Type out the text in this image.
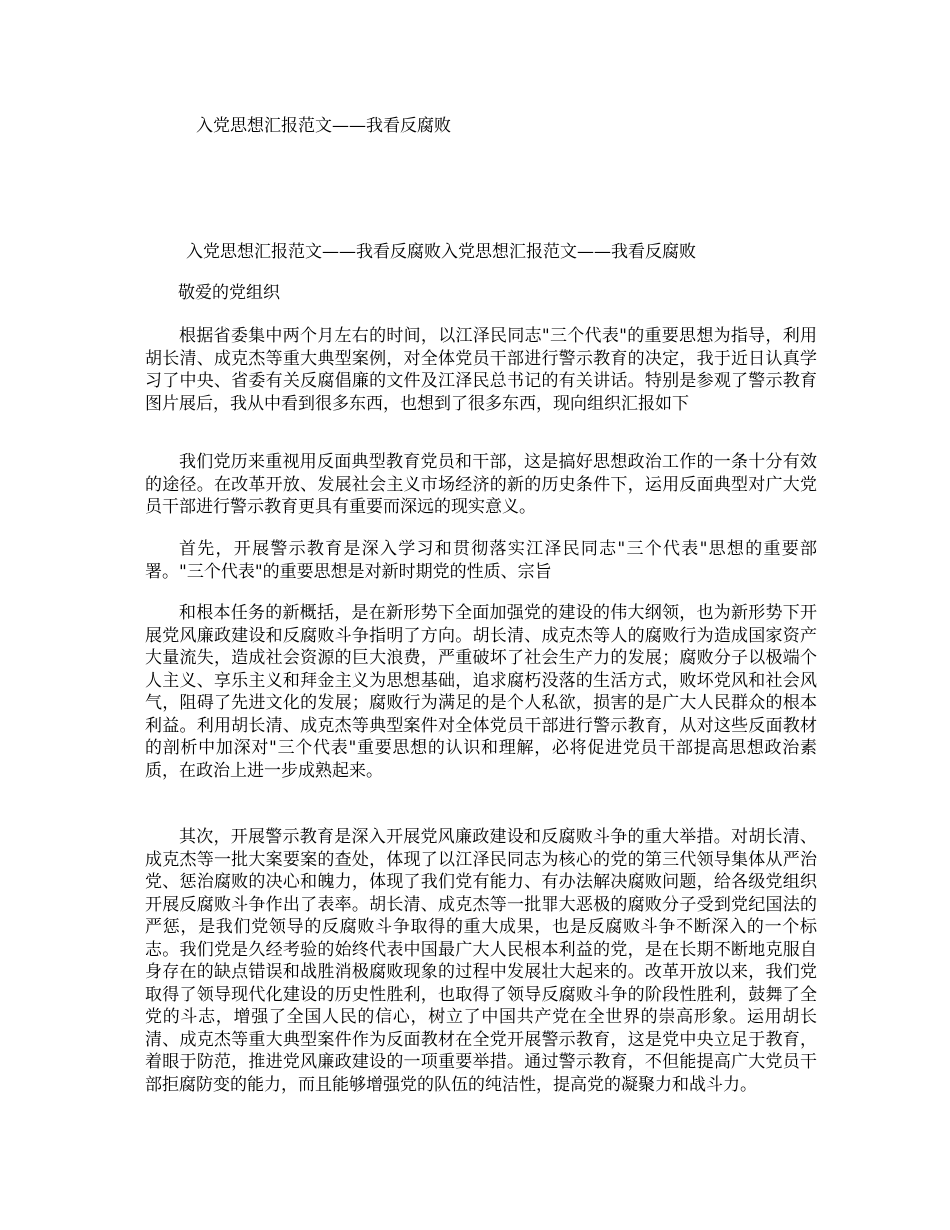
入党思想汇报范文——我看反腐败
入党思想汇报范文——我看反腐败入党思想汇报范文——我看反腐败
敬爱的党组织

根据省委集中两个月左右的时间，以江泽民同志"三个代表"的重要思想为指导，利用胡长清、成克杰等重大典型案例，对全体党员干部进行警示教育的决定，我于近日认真学习了中央、省委有关反腐倡廉的文件及江泽民总书记的有关讲话。特别是参观了警示教育图片展后，我从中看到很多东西，也想到了很多东西，现向组织汇报如下

我们党历来重视用反面典型教育党员和干部，这是搞好思想政治工作的一条十分有效的途径。在改革开放、发展社会主义市场经济的新的历史条件下，运用反面典型对广大党员干部进行警示教育更具有重要而深远的现实意义。

首先，开展警示教育是深入学习和贯彻落实江泽民同志"三个代表"思想的重要部署。"三个代表"的重要思想是对新时期党的性质、宗旨

和根本任务的新概括，是在新形势下全面加强党的建设的伟大纲领，也为新形势下开展党风廉政建设和反腐败斗争指明了方向。胡长清、成克杰等人的腐败行为造成国家资产大量流失，造成社会资源的巨大浪费，严重破坏了社会生产力的发展；腐败分子以极端个人主义、享乐主义和拜金主义为思想基础，追求腐朽没落的生活方式，败坏党风和社会风气，阻碍了先进文化的发展；腐败行为满足的是个人私欲，损害的是广大人民群众的根本利益。利用胡长清、成克杰等典型案件对全体党员干部进行警示教育，从对这些反面教材的剖析中加深对"三个代表"重要思想的认识和理解，必将促进党员干部提高思想政治素质，在政治上进一步成熟起来。

其次，开展警示教育是深入开展党风廉政建设和反腐败斗争的重大举措。对胡长清、成克杰等一批大案要案的查处，体现了以江泽民同志为核心的党的第三代领导集体从严治党、惩治腐败的决心和魄力，体现了我们党有能力、有办法解决腐败问题，给各级党组织开展反腐败斗争作出了表率。胡长清、成克杰等一批罪大恶极的腐败分子受到党纪国法的严惩，是我们党领导的反腐败斗争取得的重大成果，也是反腐败斗争不断深入的一个标志。我们党是久经考验的始终代表中国最广大人民根本利益的党，是在长期不断地克服自身存在的缺点错误和战胜消极腐败现象的过程中发展壮大起来的。改革开放以来，我们党取得了领导现代化建设的历史性胜利，也取得了领导反腐败斗争的阶段性胜利，鼓舞了全党的斗志，增强了全国人民的信心，树立了中国共产党在全世界的崇高形象。运用胡长清、成克杰等重大典型案件作为反面教材在全党开展警示教育，这是党中央立足于教育，着眼于防范，推进党风廉政建设的一项重要举措。通过警示教育，不但能提高广大党员干部拒腐防变的能力，而且能够增强党的队伍的纯洁性，提高党的凝聚力和战斗力。
